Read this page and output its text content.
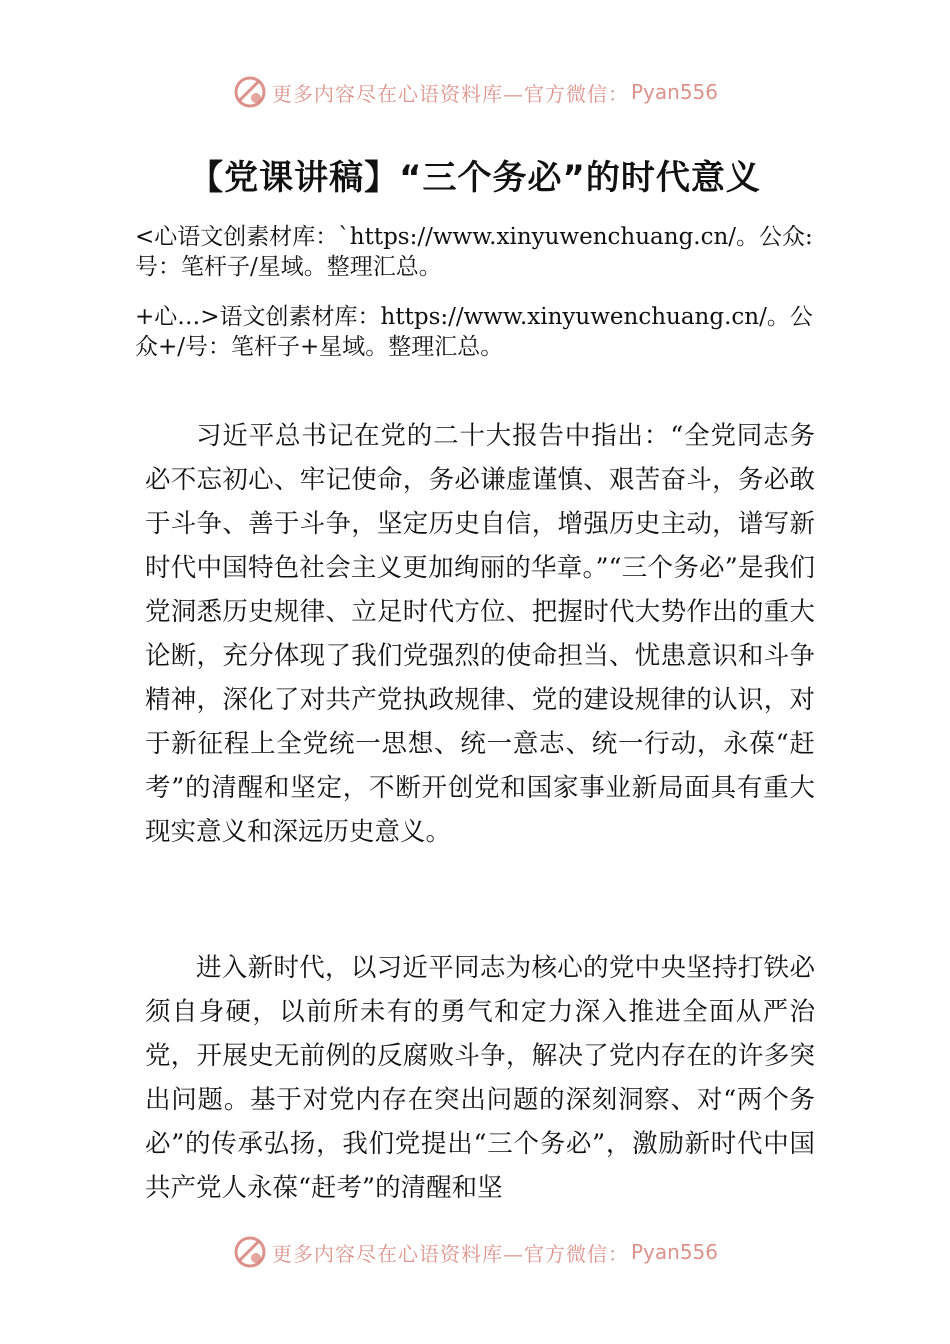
更多内容尽在心语资料库—官方微信： Pyan556
【党课讲稿】“三个务必”的时代意义
<心语文创素材库：`https://www.xinyuwenchuang.cn/。公众:号：笔杆子/星域。整理汇总。
+心…>语文创素材库：https://www.xinyuwenchuang.cn/。公众+/号：笔杆子+星域。整理汇总。
习近平总书记在党的二十大报告中指出：“全党同志务必不忘初心、牢记使命，务必谦虚谨慎、艰苦奋斗，务必敢于斗争、善于斗争，坚定历史自信，增强历史主动，谱写新时代中国特色社会主义更加绚丽的华章。”“三个务必”是我们党洞悉历史规律、立足时代方位、把握时代大势作出的重大论断，充分体现了我们党强烈的使命担当、忧患意识和斗争精神，深化了对共产党执政规律、党的建设规律的认识，对于新征程上全党统一思想、统一意志、统一行动，永葆“赶考”的清醒和坚定，不断开创党和国家事业新局面具有重大现实意义和深远历史意义。
进入新时代，以习近平同志为核心的党中央坚持打铁必须自身硬，以前所未有的勇气和定力深入推进全面从严治党，开展史无前例的反腐败斗争，解决了党内存在的许多突出问题。基于对党内存在突出问题的深刻洞察、对“两个务必”的传承弘扬，我们党提出“三个务必”，激励新时代中国共产党人永葆“赶考”的清醒和坚
更多内容尽在心语资料库—官方微信： Pyan556
